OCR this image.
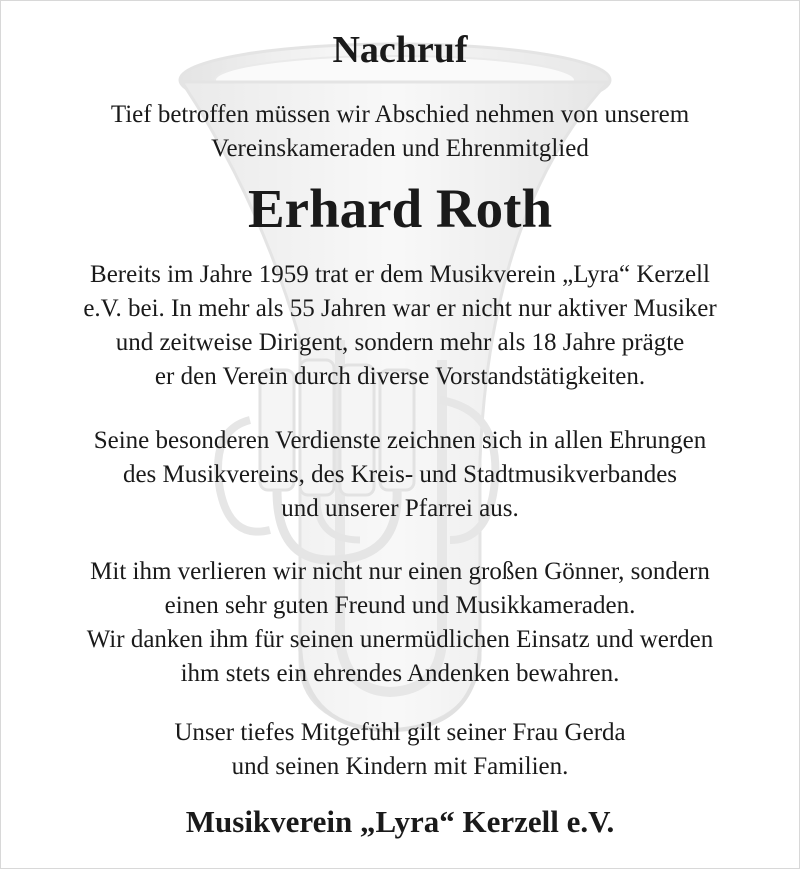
Nachruf
Tief betroffen müssen wir Abschied nehmen von unserem
Vereinskameraden und Ehrenmitglied
Erhard Roth
Bereits im Jahre 1959 trat er dem Musikverein „Lyra“ Kerzell
e.V. bei. In mehr als 55 Jahren war er nicht nur aktiver Musiker
und zeitweise Dirigent, sondern mehr als 18 Jahre prägte
er den Verein durch diverse Vorstandstätigkeiten.
Seine besonderen Verdienste zeichnen sich in allen Ehrungen
des Musikvereins, des Kreis- und Stadtmusikverbandes
und unserer Pfarrei aus.
Mit ihm verlieren wir nicht nur einen großen Gönner, sondern
einen sehr guten Freund und Musikkameraden.
Wir danken ihm für seinen unermüdlichen Einsatz und werden
ihm stets ein ehrendes Andenken bewahren.
Unser tiefes Mitgefühl gilt seiner Frau Gerda
und seinen Kindern mit Familien.
Musikverein „Lyra“ Kerzell e.V.
